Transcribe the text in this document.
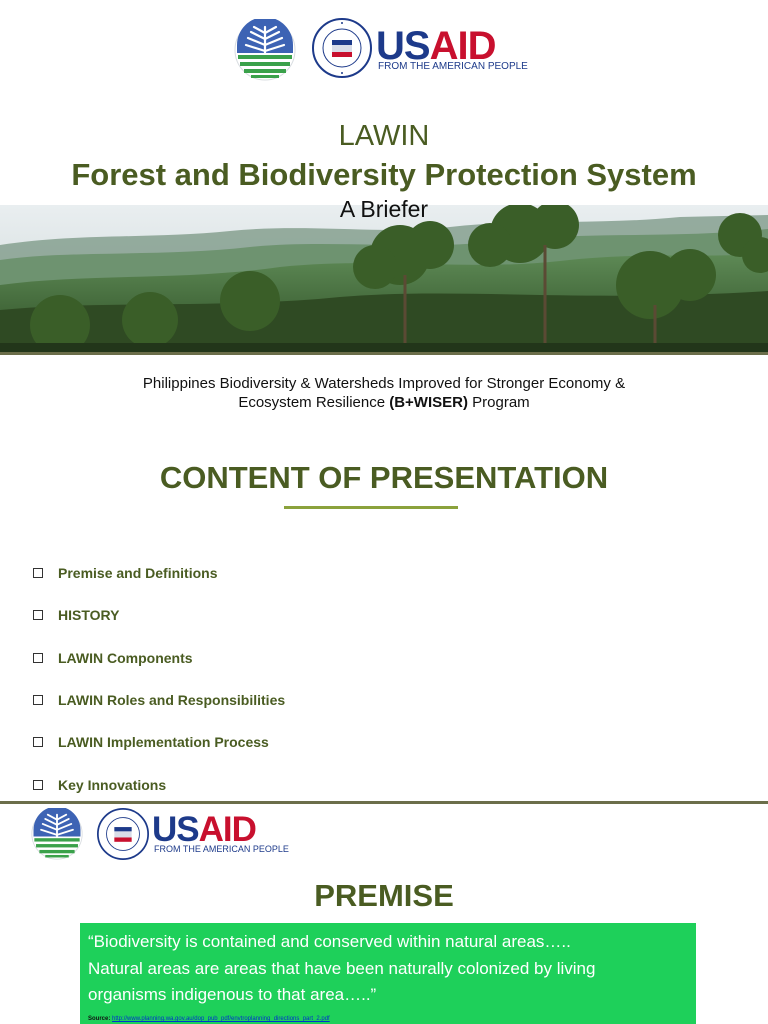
USAID
FROM THE AMERICAN PEOPLE
LAWIN
Forest and Biodiversity Protection System
A Briefer
Philippines Biodiversity & Watersheds Improved for Stronger Economy &
Ecosystem Resilience (B+WISER) Program
CONTENT OF PRESENTATION
Premise and Definitions
HISTORY
LAWIN Components
LAWIN Roles and Responsibilities
LAWIN Implementation Process
Key Innovations
USAID
FROM THE AMERICAN PEOPLE
PREMISE
“Biodiversity is contained and conserved within natural areas…..
Natural areas are areas that have been naturally colonized by living
organisms indigenous to that area…..”
Source: http://www.planning.wa.gov.au/dop_pub_pdf/envtroplanning_directions_part_2.pdf
